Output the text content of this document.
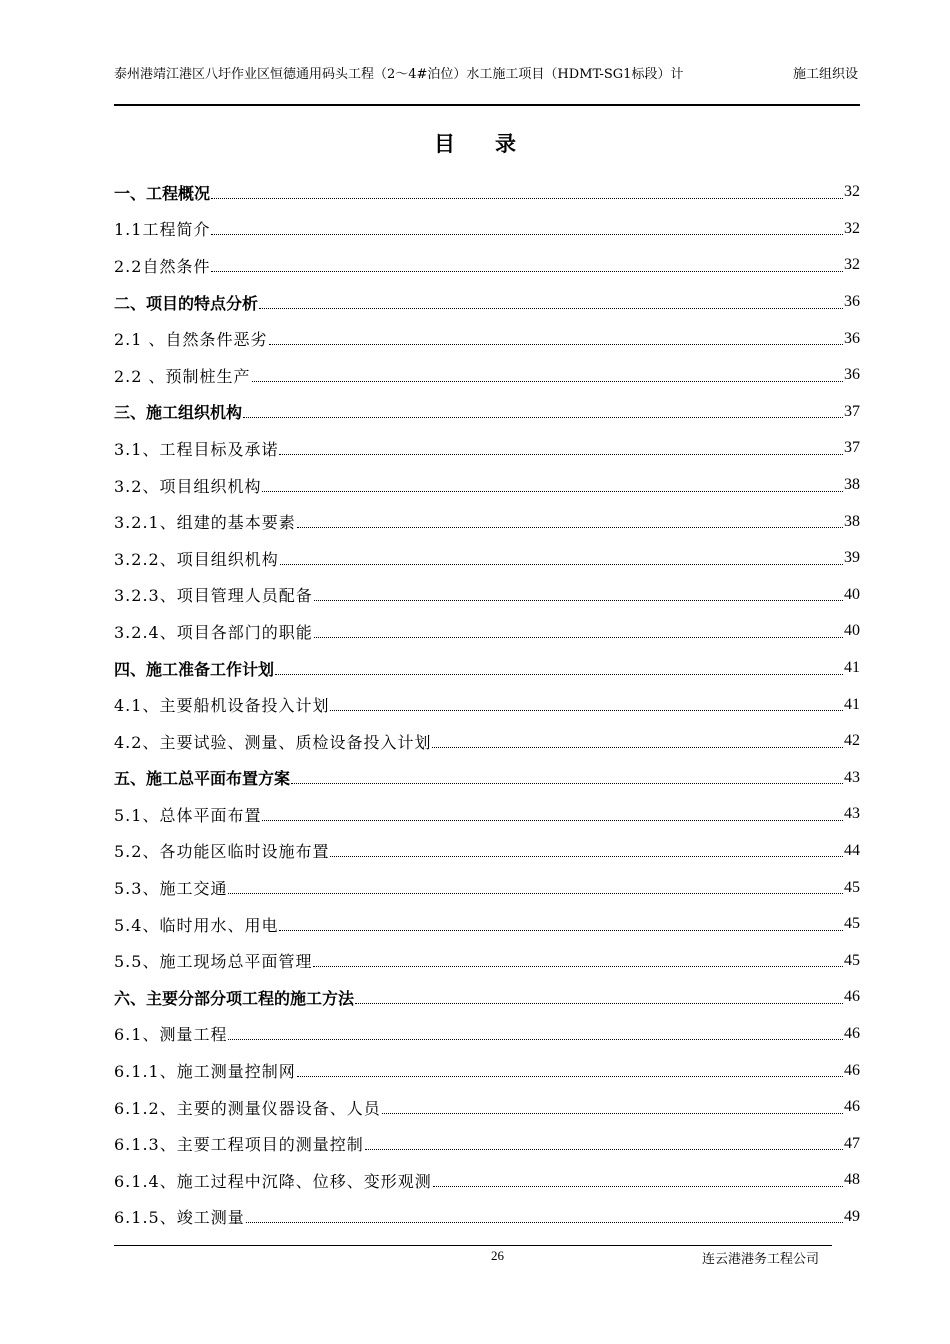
泰州港靖江港区八圩作业区恒德通用码头工程（2～4#泊位）水工施工项目（HDMT-SG1标段）计	施工组织设
目录
一、工程概况	32
1.1工程简介	32
2.2自然条件	32
二、项目的特点分析	36
2.1 、自然条件恶劣	36
2.2 、预制桩生产	36
三、施工组织机构	37
3.1、工程目标及承诺	37
3.2、项目组织机构	38
3.2.1、组建的基本要素	38
3.2.2、项目组织机构	39
3.2.3、项目管理人员配备	40
3.2.4、项目各部门的职能	40
四、施工准备工作计划	41
4.1、主要船机设备投入计划	41
4.2、主要试验、测量、质检设备投入计划	42
五、施工总平面布置方案	43
5.1、总体平面布置	43
5.2、各功能区临时设施布置	44
5.3、施工交通	45
5.4、临时用水、用电	45
5.5、施工现场总平面管理	45
六、主要分部分项工程的施工方法	46
6.1、测量工程	46
6.1.1、施工测量控制网	46
6.1.2、主要的测量仪器设备、人员	46
6.1.3、主要工程项目的测量控制	47
6.1.4、施工过程中沉降、位移、变形观测	48
6.1.5、竣工测量	49
26	连云港港务工程公司
